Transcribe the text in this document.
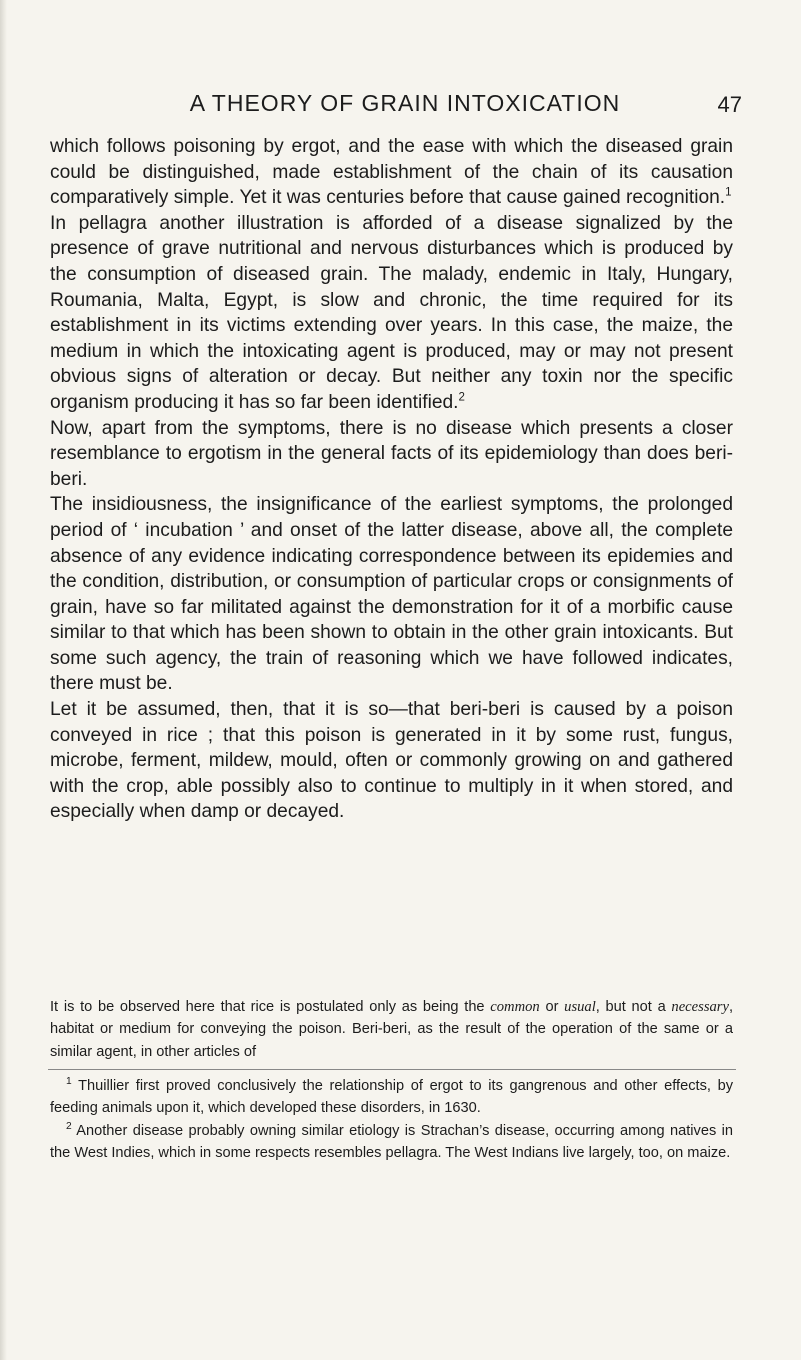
A THEORY OF GRAIN INTOXICATION	47

which follows poisoning by ergot, and the ease with which the diseased grain could be distinguished, made establishment of the chain of its causation comparatively simple. Yet it was centuries before that cause gained recognition.$^1$

In pellagra another illustration is afforded of a disease signalized by the presence of grave nutritional and nervous disturbances which is produced by the consumption of diseased grain. The malady, endemic in Italy, Hungary, Roumania, Malta, Egypt, is slow and chronic, the time required for its establishment in its victims extending over years. In this case, the maize, the medium in which the intoxicating agent is produced, may or may not present obvious signs of alteration or decay. But neither any toxin nor the specific organism producing it has so far been identified.$^2$

Now, apart from the symptoms, there is no disease which presents a closer resemblance to ergotism in the general facts of its epidemiology than does beri-beri.

The insidiousness, the insignificance of the earliest symptoms, the prolonged period of ‘ incubation ’ and onset of the latter disease, above all, the complete absence of any evidence indicating correspondence between its epidemies and the condition, distribution, or consumption of particular crops or consignments of grain, have so far militated against the demonstration for it of a morbific cause similar to that which has been shown to obtain in the other grain intoxicants. But some such agency, the train of reasoning which we have followed indicates, there must be.

Let it be assumed, then, that it is so—that beri-beri is caused by a poison conveyed in rice ; that this poison is generated in it by some rust, fungus, microbe, ferment, mildew, mould, often or commonly growing on and gathered with the crop, able possibly also to continue to multiply in it when stored, and especially when damp or decayed.

It is to be observed here that rice is postulated only as being the common or usual, but not a necessary, habitat or medium for conveying the poison. Beri-beri, as the result of the operation of the same or a similar agent, in other articles of

$^1$ Thuillier first proved conclusively the relationship of ergot to its gangrenous and other effects, by feeding animals upon it, which developed these disorders, in 1630.

$^2$ Another disease probably owning similar etiology is Strachan’s disease, occurring among natives in the West Indies, which in some respects resembles pellagra. The West Indians live largely, too, on maize.
